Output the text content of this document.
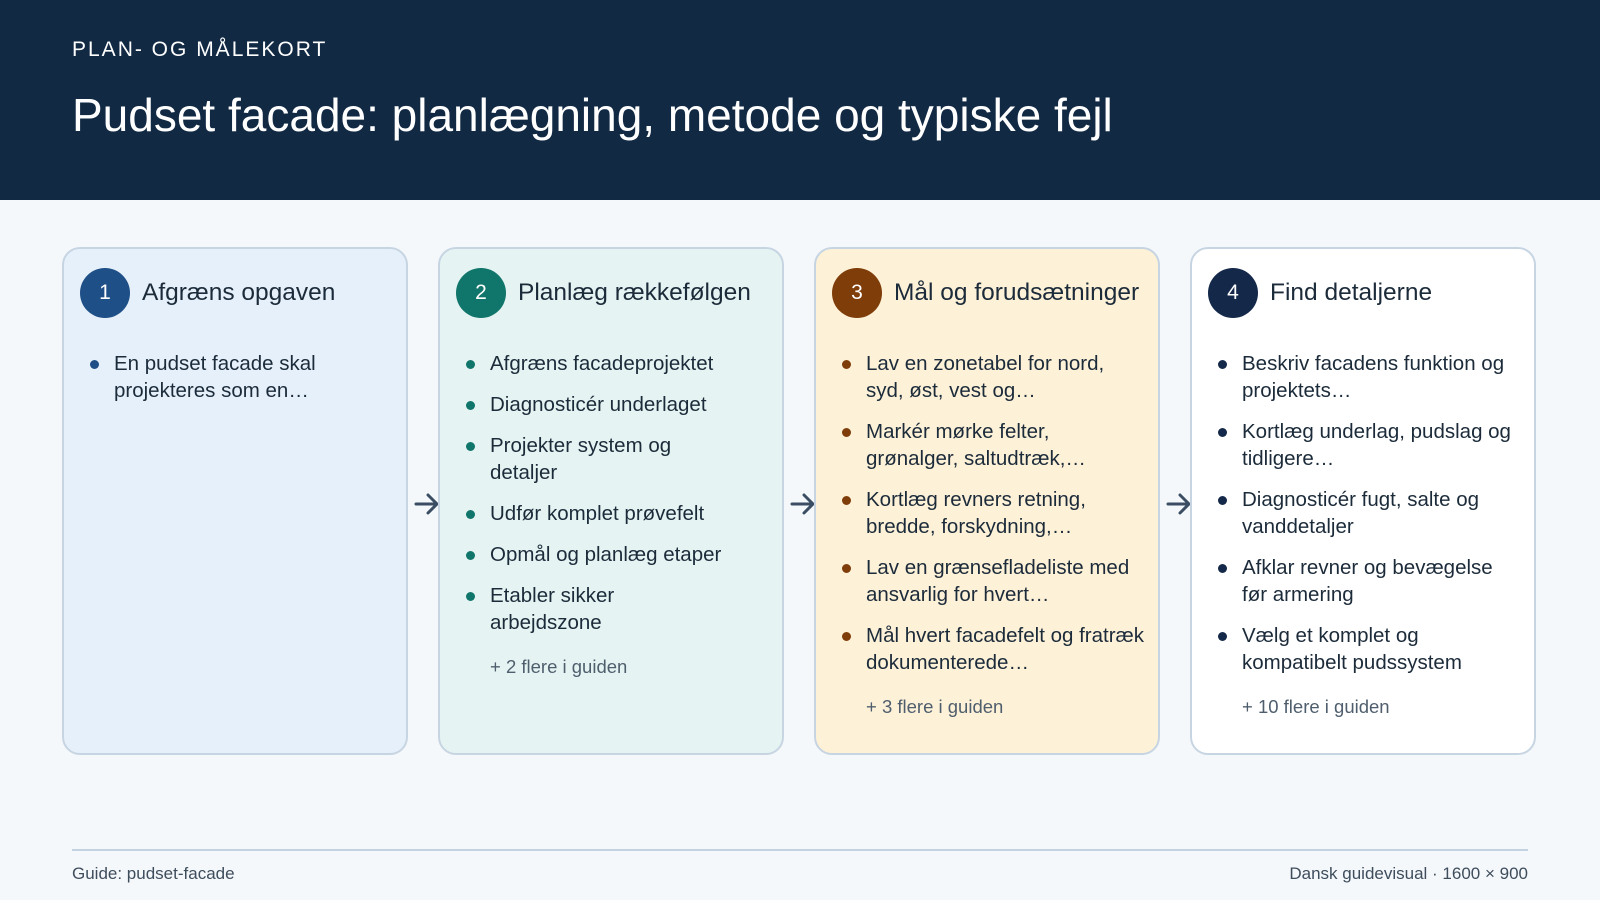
PLAN- OG MÅLEKORT
Pudset facade: planlægning, metode og typiske fejl
1	Afgræns opgaven
En pudset facade skal projekteres som en…
2	Planlæg rækkefølgen
Afgræns facadeprojektet
Diagnosticér underlaget
Projekter system og detaljer
Udfør komplet prøvefelt
Opmål og planlæg etaper
Etabler sikker arbejdszone
+ 2 flere i guiden
3	Mål og forudsætninger
Lav en zonetabel for nord, syd, øst, vest og…
Markér mørke felter, grønalger, saltudtræk,…
Kortlæg revners retning, bredde, forskydning,…
Lav en grænsefladeliste med ansvarlig for hvert…
Mål hvert facadefelt og fratræk dokumenterede…
+ 3 flere i guiden
4	Find detaljerne
Beskriv facadens funktion og projektets…
Kortlæg underlag, pudslag og tidligere…
Diagnosticér fugt, salte og vanddetaljer
Afklar revner og bevægelse før armering
Vælg et komplet og kompatibelt pudssystem
+ 10 flere i guiden
Guide: pudset-facade	Dansk guidevisual · 1600 × 900
